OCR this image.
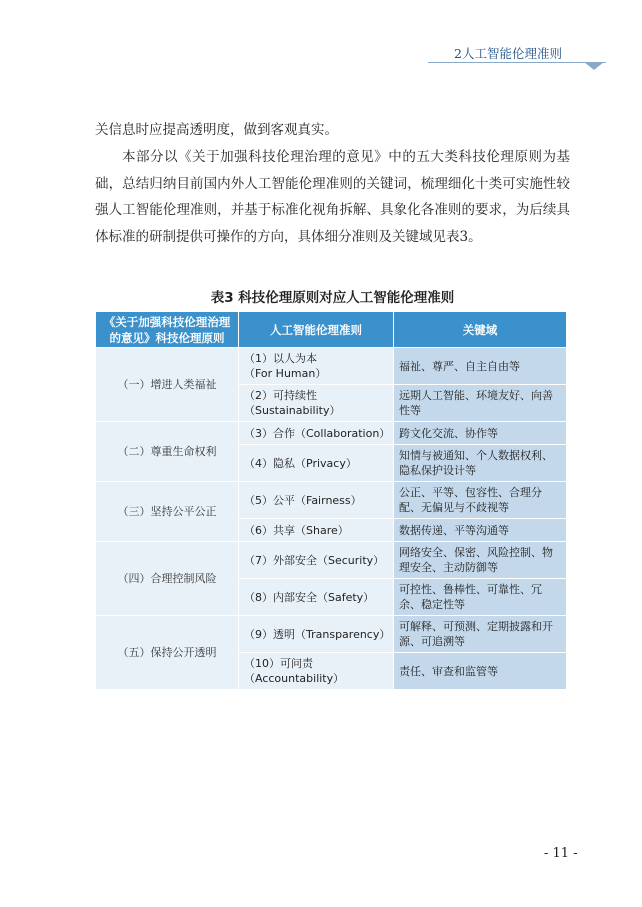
2人工智能伦理准则

关信息时应提高透明度，做到客观真实。

本部分以《关于加强科技伦理治理的意见》中的五大类科技伦理原则为基础，总结归纳目前国内外人工智能伦理准则的关键词，梳理细化十类可实施性较强人工智能伦理准则，并基于标准化视角拆解、具象化各准则的要求，为后续具体标准的研制提供可操作的方向，具体细分准则及关键域见表3。

表3 科技伦理原则对应人工智能伦理准则
《关于加强科技伦理治理的意见》科技伦理原则	人工智能伦理准则	关键域
（一）增进人类福祉	（1）以人为本
（For Human）	福祉、尊严、自主自由等

	（2）可持续性
（Sustainability）	远期人工智能、环境友好、向善性等
（二）尊重生命权利	（3）合作（Collaboration）	跨文化交流、协作等

	（4）隐私（Privacy）	知情与被通知、个人数据权利、隐私保护设计等
（三）坚持公平公正	（5）公平（Fairness）	公正、平等、包容性、合理分配、无偏见与不歧视等

	（6）共享（Share）	数据传递、平等沟通等
（四）合理控制风险	（7）外部安全（Security）	网络安全、保密、风险控制、物理安全、主动防御等

	（8）内部安全（Safety）	可控性、鲁棒性、可靠性、冗余、稳定性等
（五）保持公开透明	（9）透明（Transparency）	可解释、可预测、定期披露和开源、可追溯等

	（10）可问责
（Accountability）	责任、审查和监管等
- 11 -
